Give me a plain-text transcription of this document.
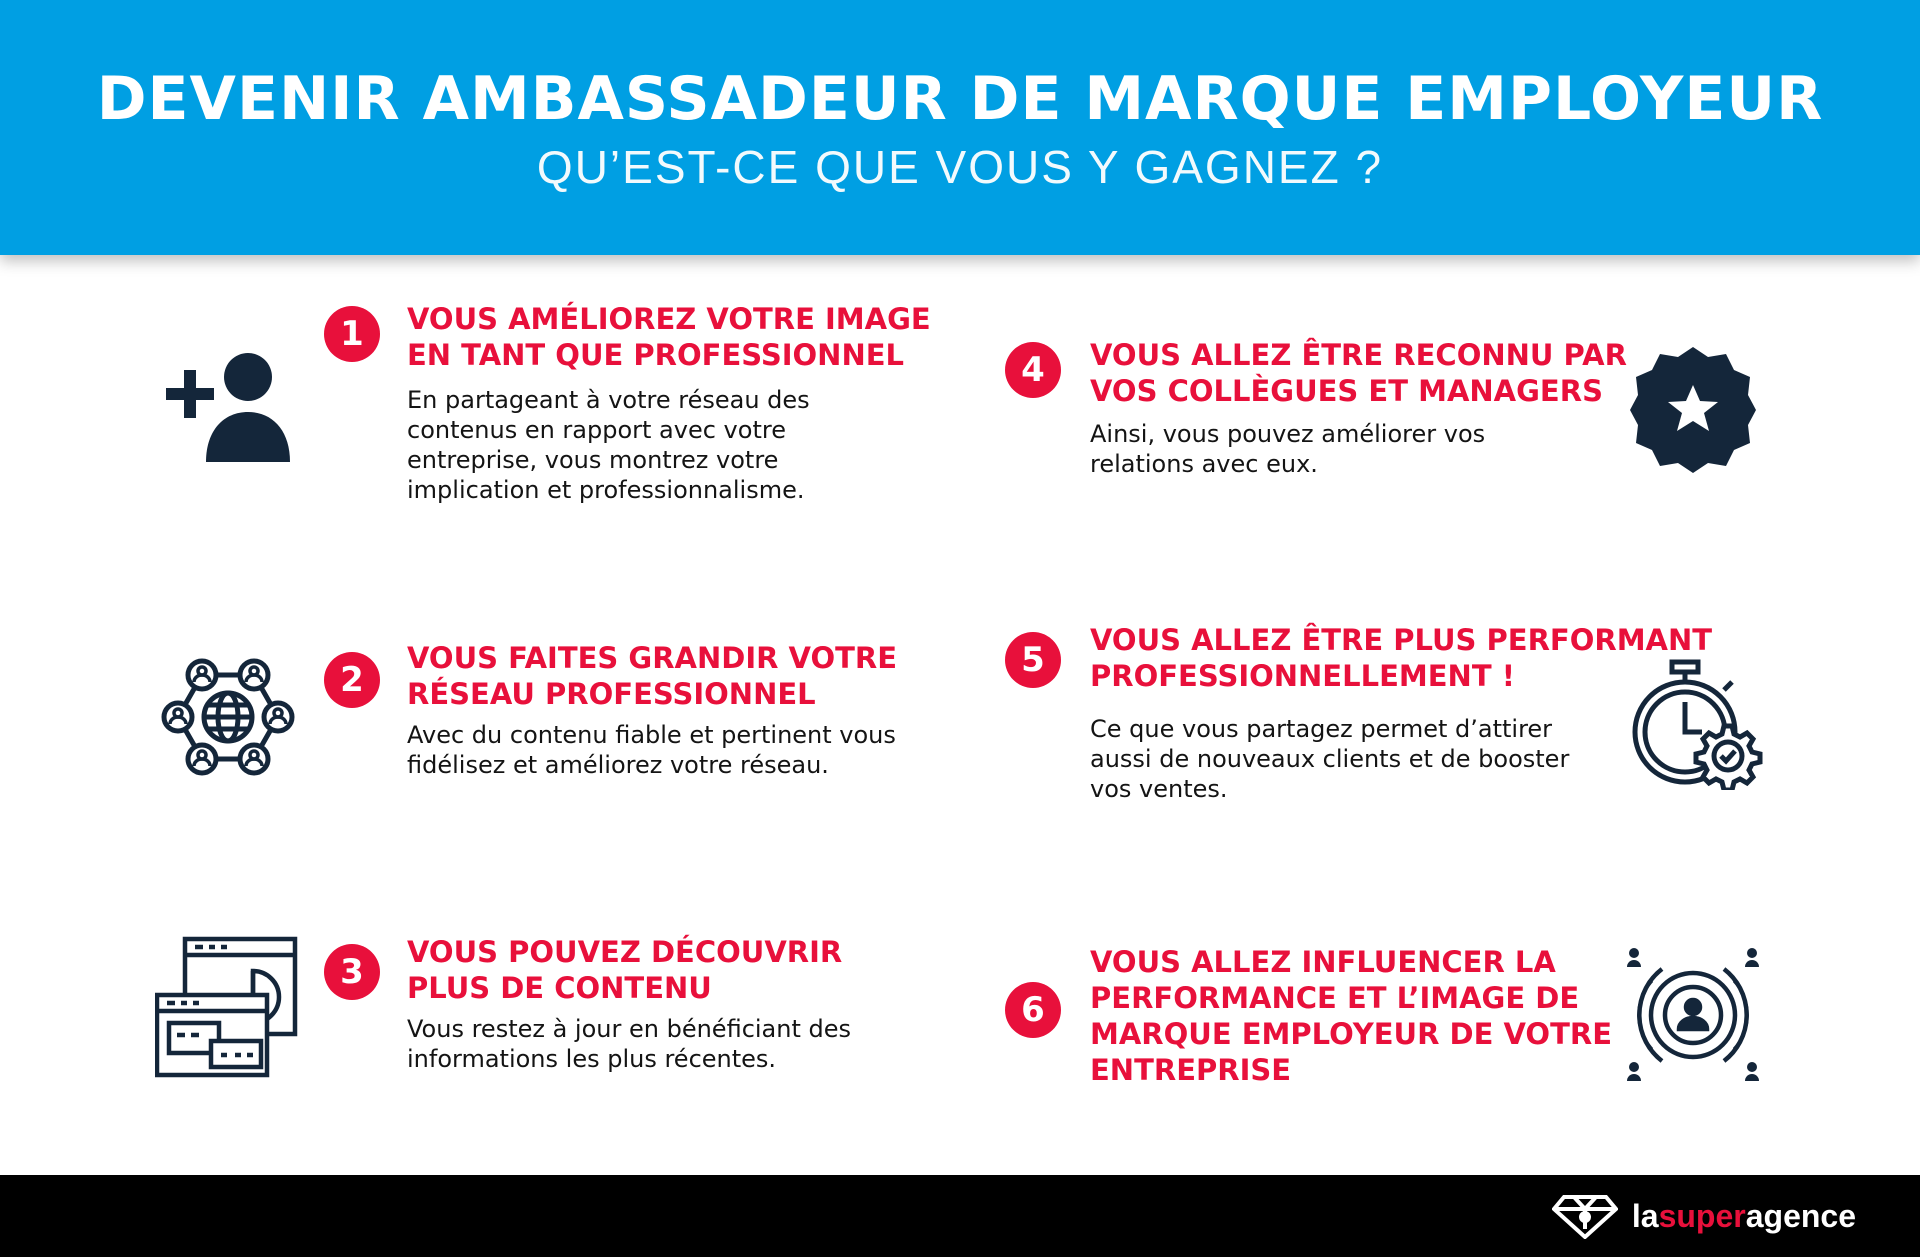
DEVENIR AMBASSADEUR DE MARQUE EMPLOYEUR
QU’EST-CE QUE VOUS Y GAGNEZ ?
1	VOUS AMÉLIOREZ VOTRE IMAGE
EN TANT QUE PROFESSIONNEL
En partageant à votre réseau des
contenus en rapport avec votre
entreprise, vous montrez votre
implication et professionnalisme.
2
VOUS FAITES GRANDIR VOTRE
RÉSEAU PROFESSIONNEL
Avec du contenu fiable et pertinent vous
fidélisez et améliorez votre réseau.
3	VOUS POUVEZ DÉCOUVRIR
PLUS DE CONTENU
Vous restez à jour en bénéficiant des
informations les plus récentes.
4	VOUS ALLEZ ÊTRE RECONNU PAR
VOS COLLÈGUES ET MANAGERS
Ainsi, vous pouvez améliorer vos
relations avec eux.
5	VOUS ALLEZ ÊTRE PLUS PERFORMANT
PROFESSIONNELLEMENT !
Ce que vous partagez permet d’attirer
aussi de nouveaux clients et de booster
vos ventes.
6
VOUS ALLEZ INFLUENCER LA
PERFORMANCE ET L’IMAGE DE
MARQUE EMPLOYEUR DE VOTRE
ENTREPRISE
la super agence
